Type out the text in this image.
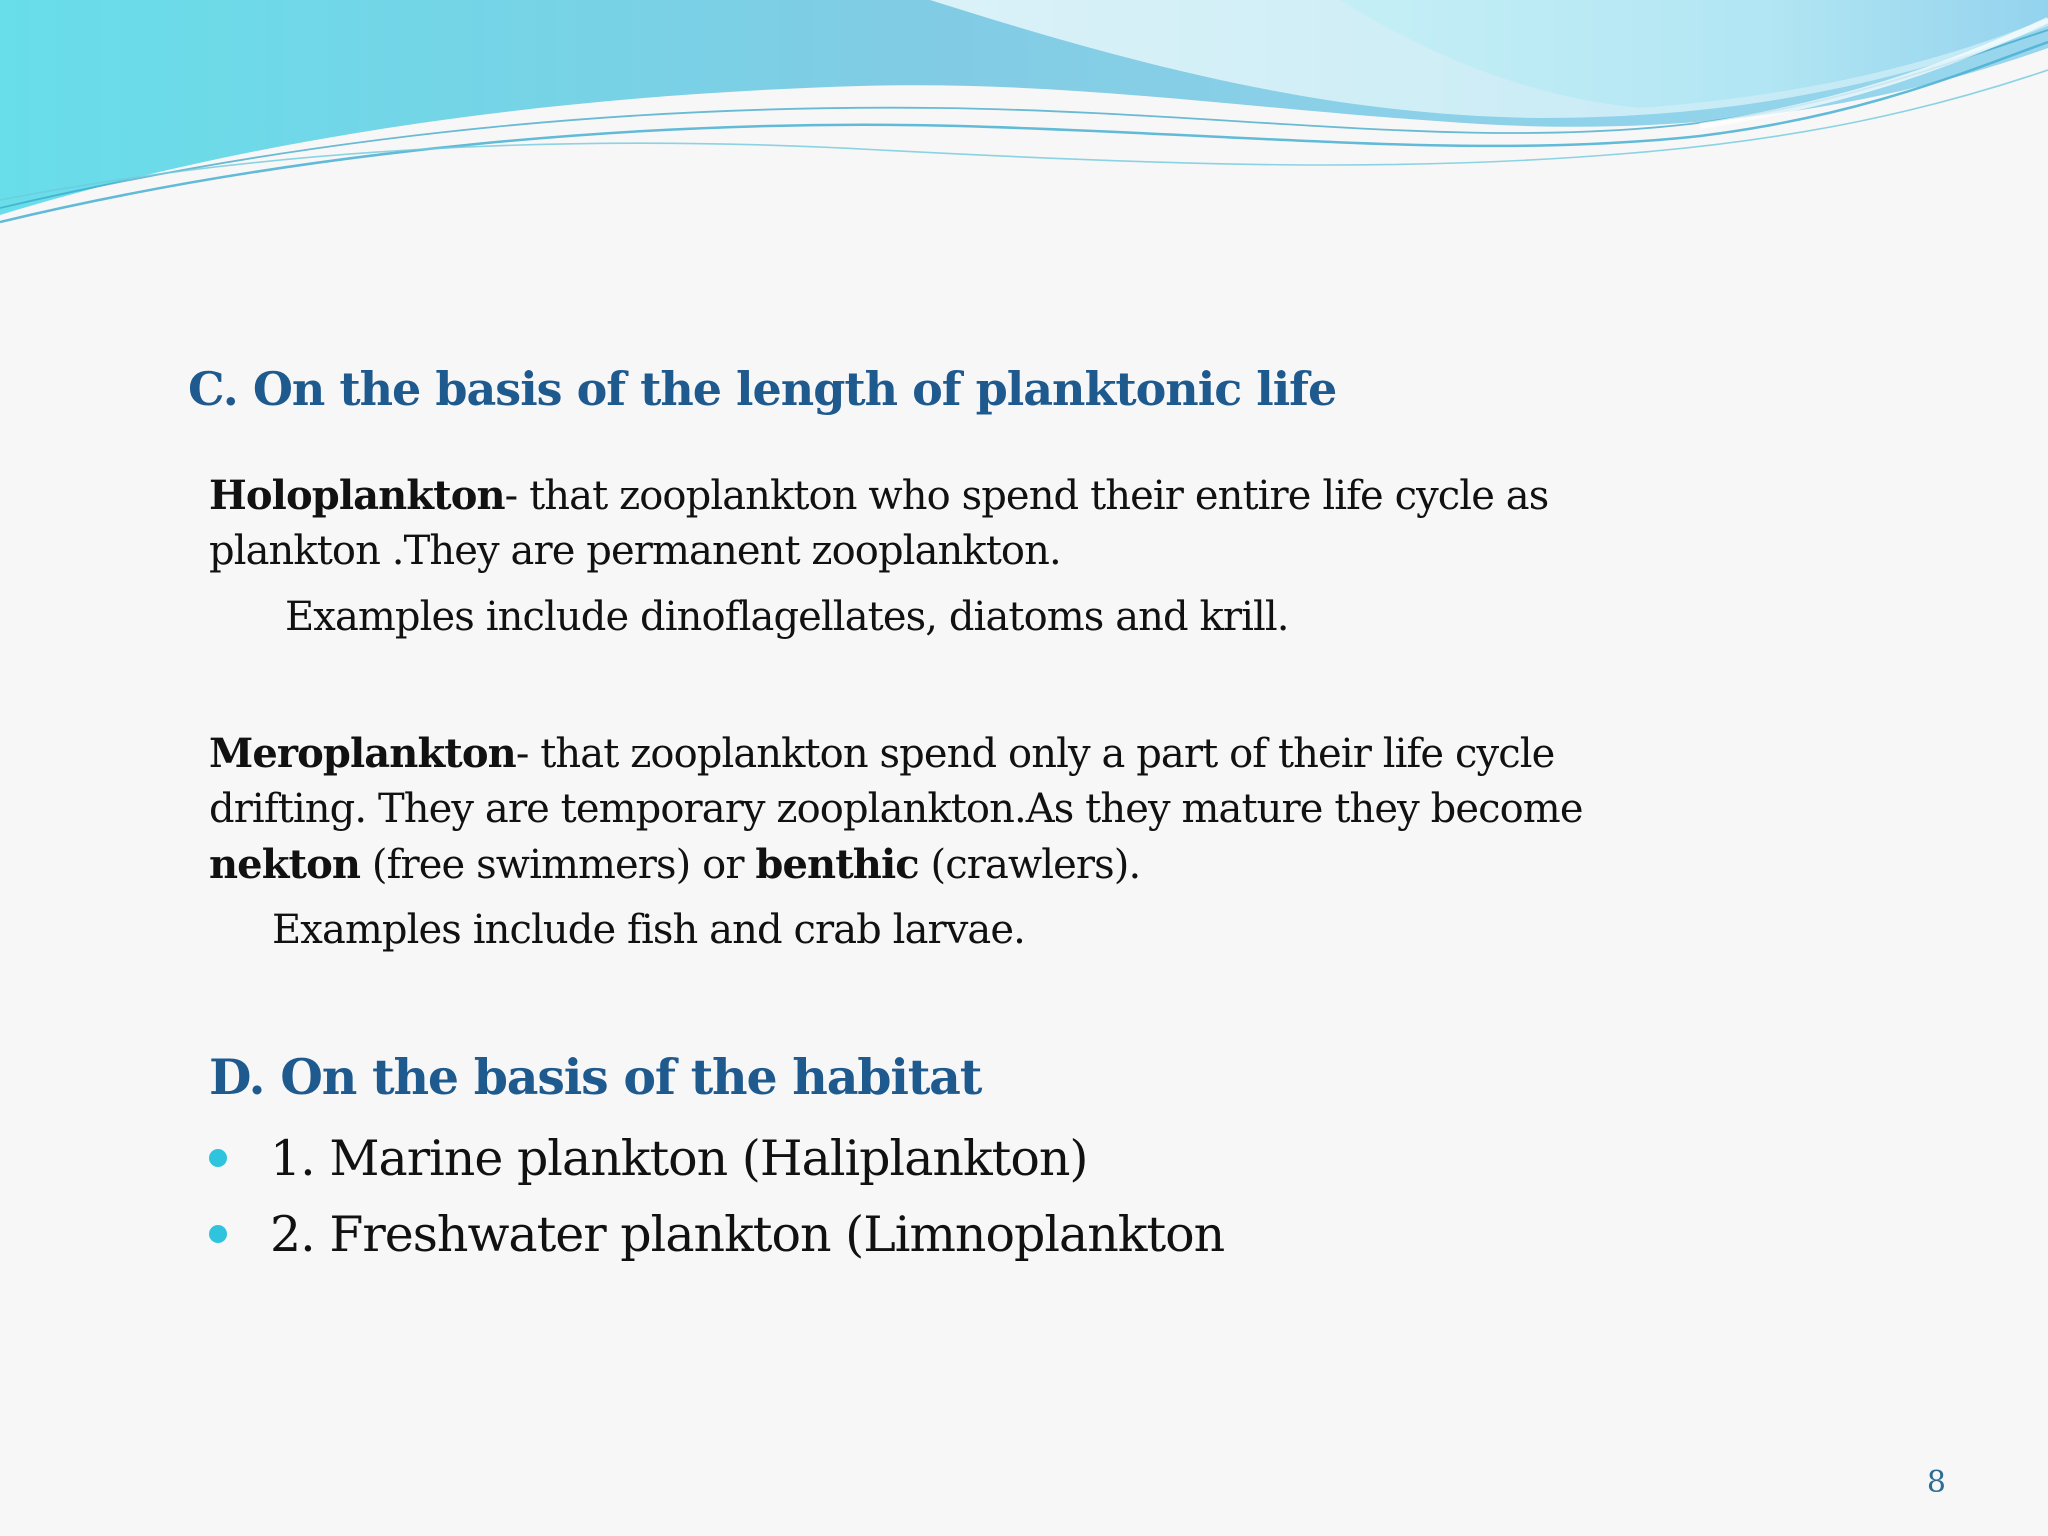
C. On the basis of the length of planktonic life
Holoplankton- that zooplankton who spend their entire life cycle as
plankton .They are permanent zooplankton.
Examples include dinoflagellates, diatoms and krill.
Meroplankton- that zooplankton spend only a part of their life cycle
drifting. They are temporary zooplankton.As they mature they become
nekton (free swimmers) or benthic (crawlers).
Examples include fish and crab larvae.
D. On the basis of the habitat
1. Marine plankton (Haliplankton)
2. Freshwater plankton (Limnoplankton
8
